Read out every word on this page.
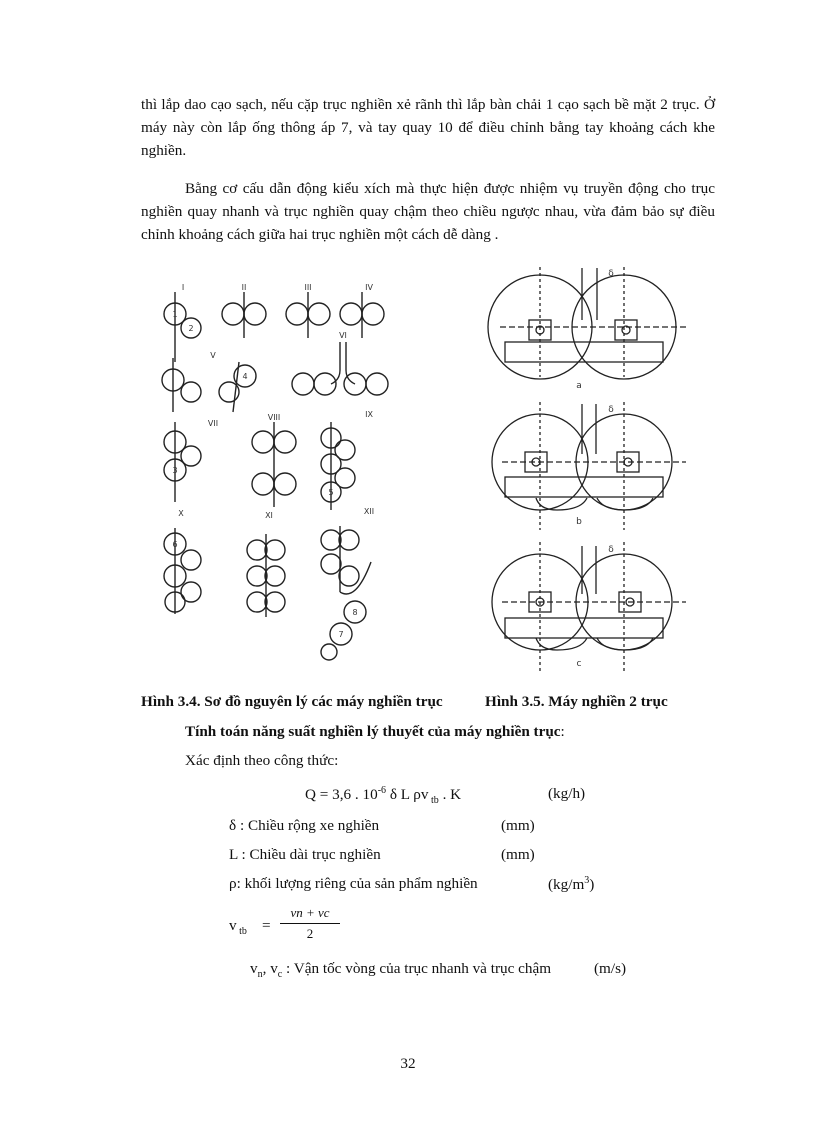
thì lắp dao cạo sạch, nếu cặp trục nghiền xẻ rãnh thì lắp bàn chải 1 cạo sạch bề mặt 2 trục. Ở máy này còn lắp ống thông áp 7, và tay quay 10 để điều chỉnh bằng tay khoảng cách khe nghiền.

Bằng cơ cấu dẫn động kiểu xích mà thực hiện được nhiệm vụ truyền động cho trục nghiền quay nhanh và trục nghiền quay chậm theo chiều ngược nhau, vừa đảm bảo sự điều chỉnh khoảng cách giữa hai trục nghiền một cách dễ dàng .

I	II	III	IV
V
VI
VII
VIII	IX
X	XI	XII
1
2
3
4
5
6
7
8
δ
δ
δ
a
b
c
Hình 3.4. Sơ đồ nguyên lý các máy nghiền trục	Hình 3.5. Máy nghiền 2 trục
Tính toán năng suất nghiền lý thuyết của máy nghiền trục:
Xác định theo công thức:
Q = 3,6 . $10^{-6}$ δ L ρv $_{tb}$ . K	(kg/h)
δ : Chiều rộng xe nghiền	(mm)
L : Chiều dài trục nghiền	(mm)
ρ: khối lượng riêng của sản phẩm nghiền	$(kg/m^3)$
v $_{tb}$ =
vn + vc
2
$v_n$, $v_c$ : Vận tốc vòng của trục nhanh và trục chậm	(m/s)
32
